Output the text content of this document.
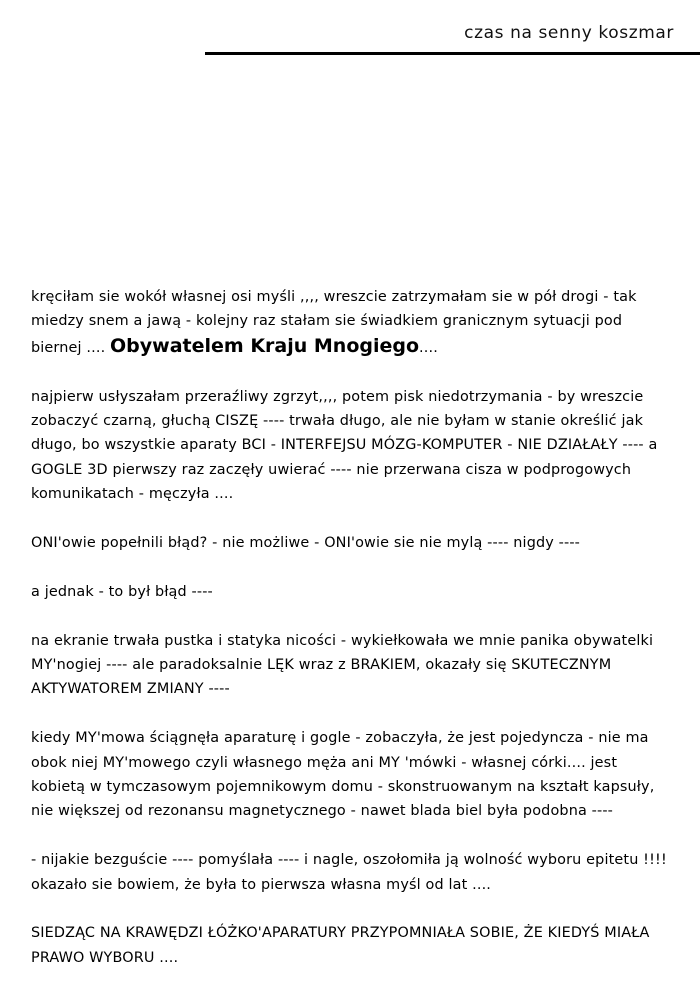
czas na senny koszmar

kręciłam sie wokół własnej osi myśli ,,,, wreszcie zatrzymałam sie w pół drogi - tak miedzy snem a jawą - kolejny raz stałam sie świadkiem granicznym sytuacji pod biernej .... Obywatelem Kraju Mnogiego....

najpierw usłyszałam przeraźliwy zgrzyt,,,, potem pisk niedotrzymania - by wreszcie zobaczyć czarną, głuchą CISZĘ ---- trwała długo, ale nie byłam w stanie określić jak długo, bo wszystkie aparaty BCI - INTERFEJSU MÓZG-KOMPUTER - NIE DZIAŁAŁY ---- a GOGLE 3D pierwszy raz zaczęły uwierać ---- nie przerwana cisza w podprogowych komunikatach - męczyła ....

ONI'owie popełnili błąd? - nie możliwe - ONI'owie sie nie mylą ---- nigdy ----

a jednak - to był błąd ----

na ekranie trwała pustka i statyka nicości - wykiełkowała we mnie panika obywatelki MY'nogiej ---- ale paradoksalnie LĘK wraz z BRAKIEM, okazały się SKUTECZNYM AKTYWATOREM ZMIANY ----

kiedy MY'mowa ściągnęła aparaturę i gogle - zobaczyła, że jest pojedyncza - nie ma obok niej MY'mowego czyli własnego męża ani MY 'mówki - własnej córki.... jest kobietą w tymczasowym pojemnikowym domu - skonstruowanym na kształt kapsuły, nie większej od rezonansu magnetycznego - nawet blada biel była podobna ----

- nijakie bezguście ---- pomyślała ---- i nagle, oszołomiła ją wolność wyboru epitetu !!!! okazało sie bowiem, że była to pierwsza własna myśl od lat ....

SIEDZĄC NA KRAWĘDZI ŁÓŻKO'APARATURY PRZYPOMNIAŁA SOBIE, ŻE KIEDYŚ MIAŁA PRAWO WYBORU ....
